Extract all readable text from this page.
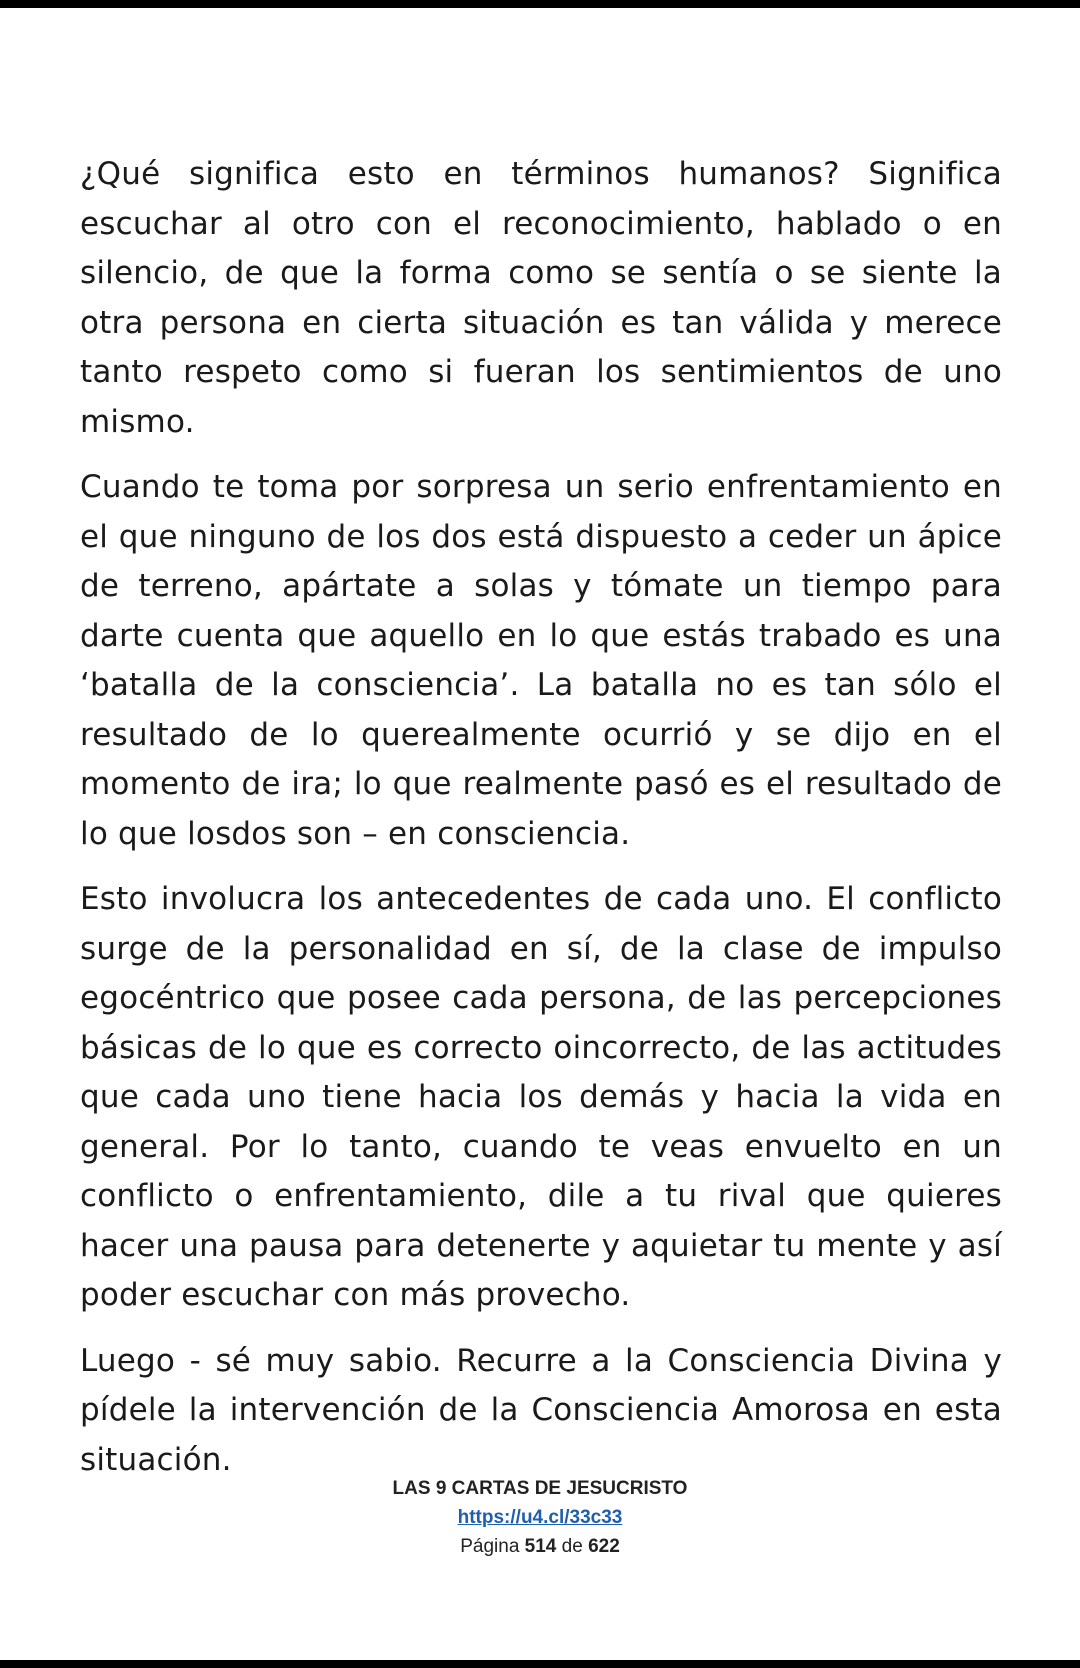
¿Qué significa esto en términos humanos? Significa escuchar al otro con el reconocimiento, hablado o en silencio, de que la forma como se sentía o se siente la otra persona en cierta situación es tan válida y merece tanto respeto como si fueran los sentimientos de uno mismo.

Cuando te toma por sorpresa un serio enfrentamiento en el que ninguno de los dos está dispuesto a ceder un ápice de terreno, apártate a solas y tómate un tiempo para darte cuenta que aquello en lo que estás trabado es una ‘batalla de la consciencia’. La batalla no es tan sólo el resultado de lo querealmente ocurrió y se dijo en el momento de ira; lo que realmente pasó es el resultado de lo que losdos son – en consciencia.

Esto involucra los antecedentes de cada uno. El conflicto surge de la personalidad en sí, de la clase de impulso egocéntrico que posee cada persona, de las percepciones básicas de lo que es correcto oincorrecto, de las actitudes que cada uno tiene hacia los demás y hacia la vida en general. Por lo tanto, cuando te veas envuelto en un conflicto o enfrentamiento, dile a tu rival que quieres hacer una pausa para detenerte y aquietar tu mente y así poder escuchar con más provecho.

Luego - sé muy sabio. Recurre a la Consciencia Divina y pídele la intervención de la Consciencia Amorosa en esta situación.

LAS 9 CARTAS DE JESUCRISTO
https://u4.cl/33c33
Página 514 de 622
